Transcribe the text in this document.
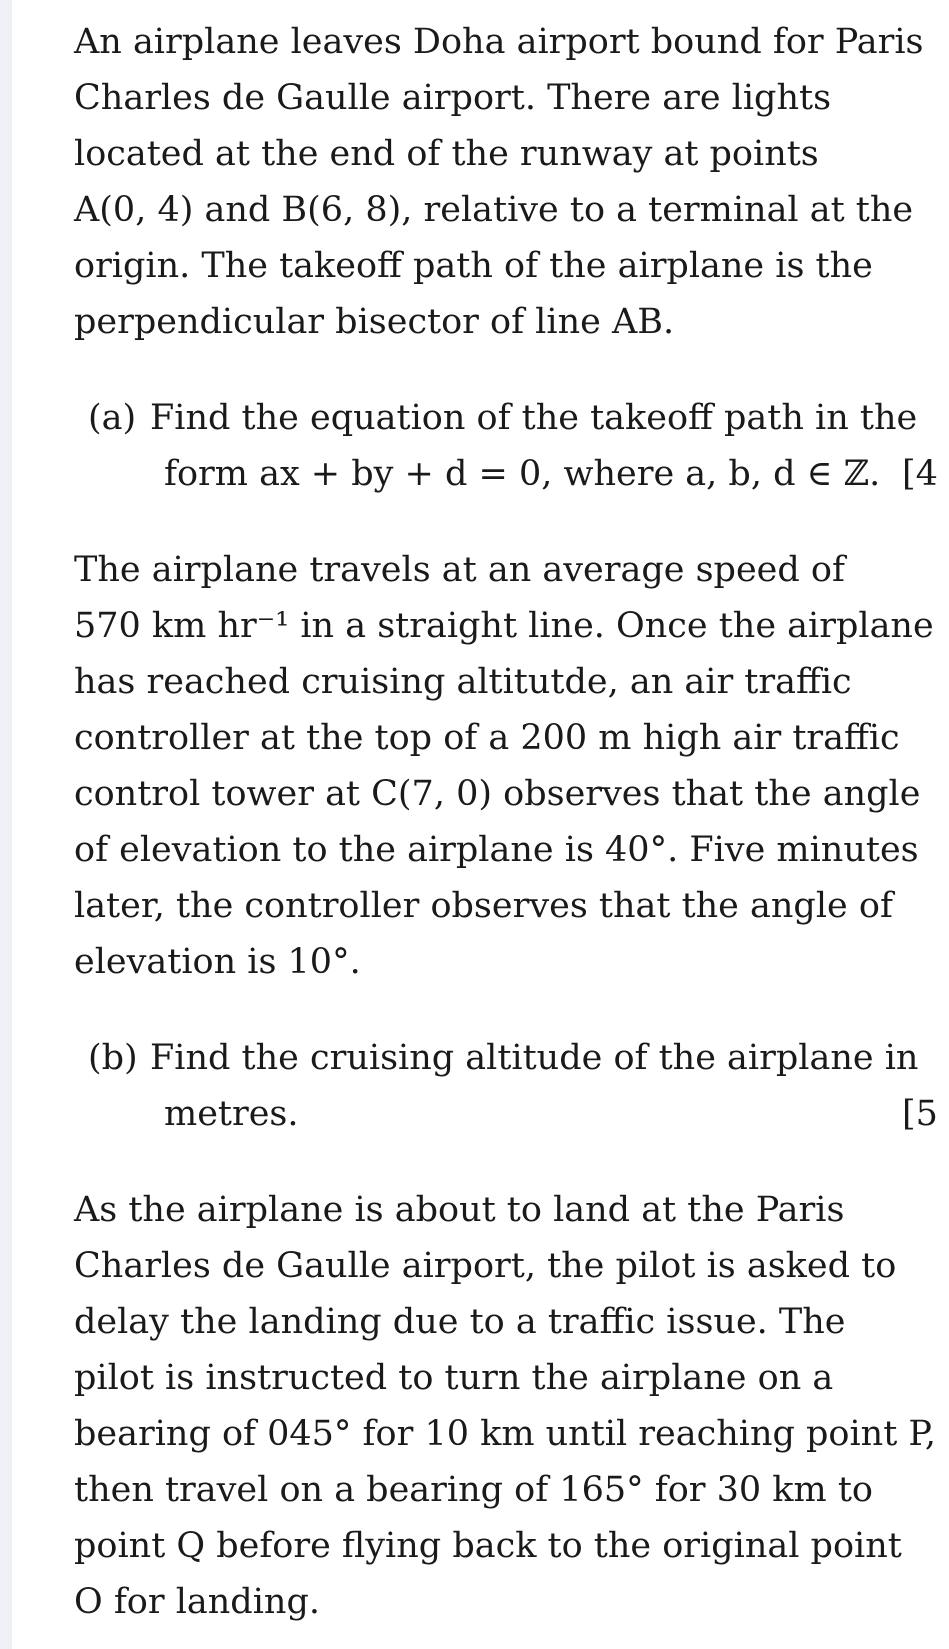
An airplane leaves Doha airport bound for Paris
Charles de Gaulle airport. There are lights
located at the end of the runway at points
A(0, 4) and B(6, 8), relative to a terminal at the
origin. The takeoff path of the airplane is the
perpendicular bisector of line AB.
(a) Find the equation of the takeoff path in the
form ax + by + d = 0, where a, b, d ∈ ℤ. [4
The airplane travels at an average speed of
570 km hr⁻¹ in a straight line. Once the airplane
has reached cruising altitutde, an air traffic
controller at the top of a 200 m high air traffic
control tower at C(7, 0) observes that the angle
of elevation to the airplane is 40°. Five minutes
later, the controller observes that the angle of
elevation is 10°.
(b) Find the cruising altitude of the airplane in
metres.	[5
As the airplane is about to land at the Paris
Charles de Gaulle airport, the pilot is asked to
delay the landing due to a traffic issue. The
pilot is instructed to turn the airplane on a
bearing of 045° for 10 km until reaching point P,
then travel on a bearing of 165° for 30 km to
point Q before flying back to the original point
O for landing.
